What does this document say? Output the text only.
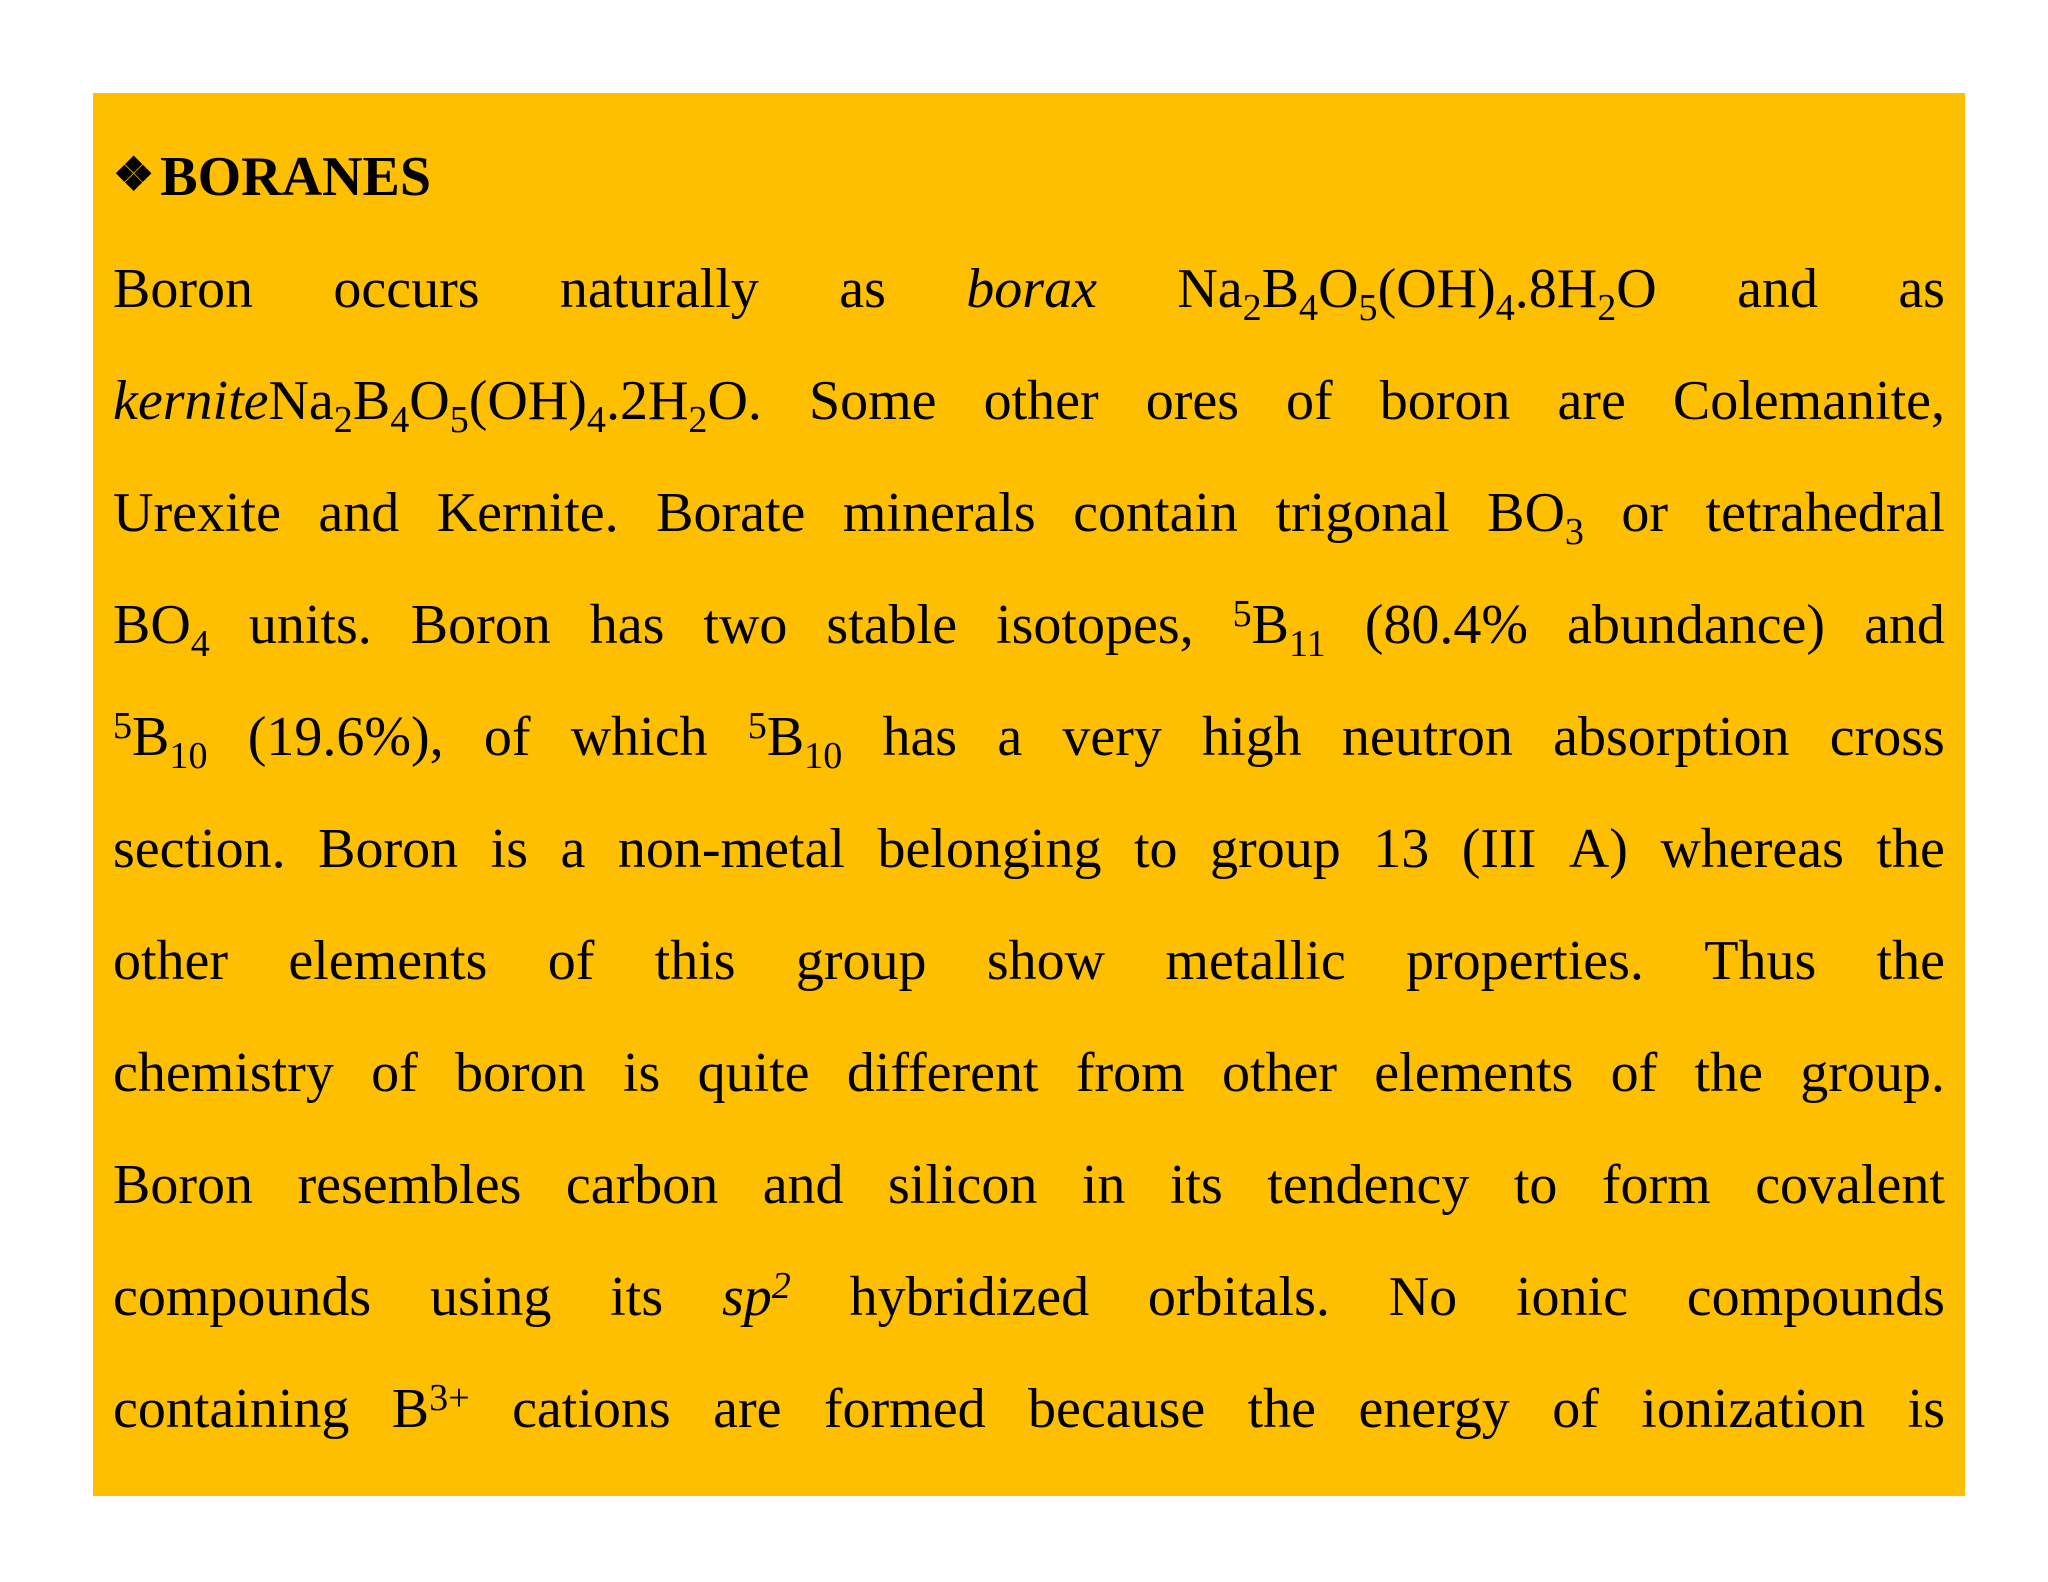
❖ BORANES
Boron occurs naturally as borax $Na_2B_4O_5(OH)_4.8H_2O$ and as
$kerniteNa_2B_4O_5(OH)_4.2H_2O$. Some other ores of boron are Colemanite,
Urexite and Kernite. Borate minerals contain trigonal $BO_3$ or tetrahedral
$BO_4$ units. Boron has two stable isotopes, $^5B_{11}$ (80.4% abundance) and
$^5B_{10}$ (19.6%), of which $^5B_{10}$ has a very high neutron absorption cross
section. Boron is a non-metal belonging to group 13 (III A) whereas the
other elements of this group show metallic properties. Thus the
chemistry of boron is quite different from other elements of the group.
Boron resembles carbon and silicon in its tendency to form covalent
compounds using its $sp^2$ hybridized orbitals. No ionic compounds
containing $B^{3+}$ cations are formed because the energy of ionization is
